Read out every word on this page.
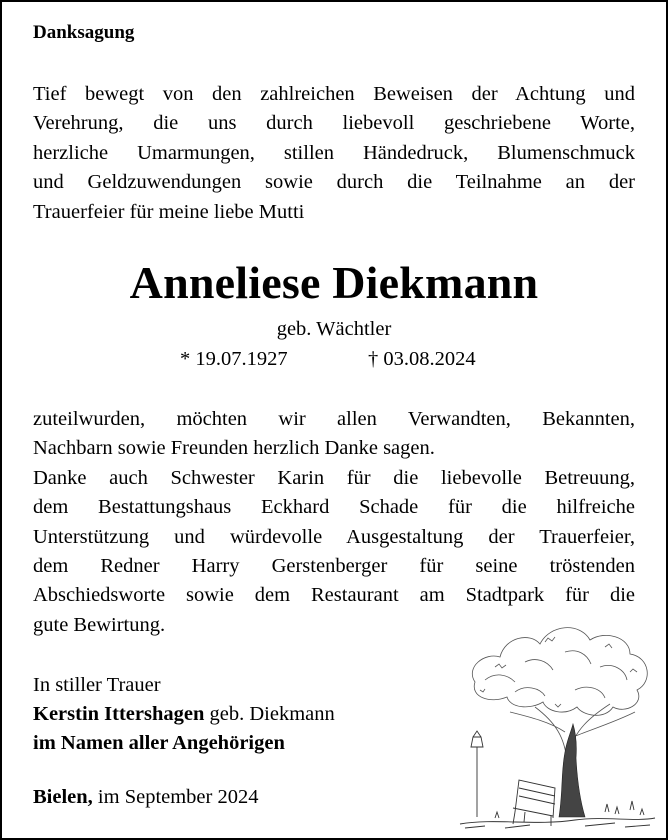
Danksagung
Tief bewegt von den zahlreichen Beweisen der Achtung und
Verehrung, die uns durch liebevoll geschriebene Worte,
herzliche Umarmungen, stillen Händedruck, Blumenschmuck
und Geldzuwendungen sowie durch die Teilnahme an der
Trauerfeier für meine liebe Mutti
Anneliese Diekmann
geb. Wächtler
* 19.07.1927	† 03.08.2024
zuteilwurden, möchten wir allen Verwandten, Bekannten,
Nachbarn sowie Freunden herzlich Danke sagen.
Danke auch Schwester Karin für die liebevolle Betreuung,
dem Bestattungshaus Eckhard Schade für die hilfreiche
Unterstützung und würdevolle Ausgestaltung der Trauerfeier,
dem Redner Harry Gerstenberger für seine tröstenden
Abschiedsworte sowie dem Restaurant am Stadtpark für die
gute Bewirtung.
In stiller Trauer
Kerstin Ittershagen geb. Diekmann
im Namen aller Angehörigen
Bielen, im September 2024
